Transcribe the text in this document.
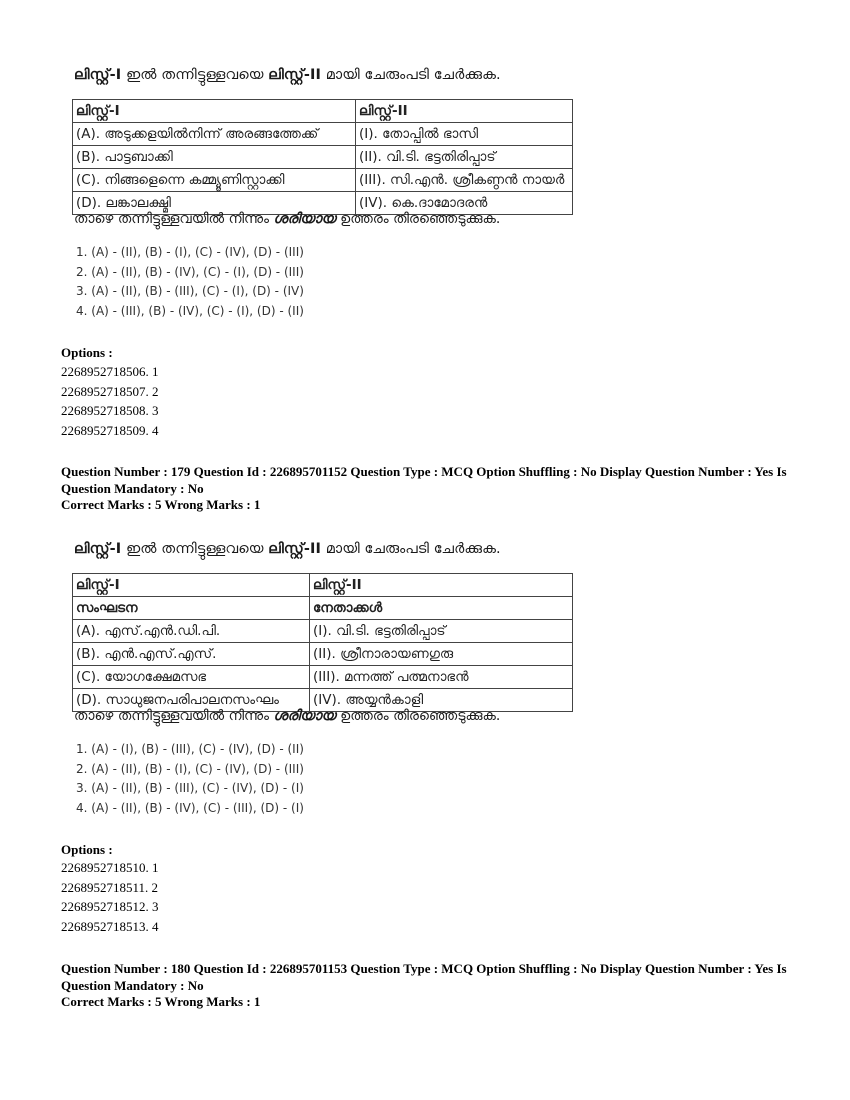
ലിസ്റ്റ്-I ഇൽ തന്നിട്ടുള്ളവയെ ലിസ്റ്റ്-II മായി ചേരുംപടി ചേർക്കുക.
ലിസ്റ്റ്-I	ലിസ്റ്റ്-II
(A). അടുക്കളയിൽനിന്ന് അരങ്ങത്തേക്ക്	(I). തോപ്പിൽ ഭാസി
(B). പാട്ടബാക്കി	(II). വി.ടി. ഭട്ടതിരിപ്പാട്
(C). നിങ്ങളെന്നെ കമ്മ്യൂണിസ്റ്റാക്കി	(III). സി.എൻ. ശ്രീകണ്ഠൻ നായർ
(D). ലങ്കാലക്ഷ്മി	(IV). കെ.ദാമോദരൻ
താഴെ തന്നിട്ടുള്ളവയിൽ നിന്നും ശരിയായ ഉത്തരം തിരഞ്ഞെടുക്കുക.
1. (A) - (II), (B) - (I), (C) - (IV), (D) - (III)
2. (A) - (II), (B) - (IV), (C) - (I), (D) - (III)
3. (A) - (II), (B) - (III), (C) - (I), (D) - (IV)
4. (A) - (III), (B) - (IV), (C) - (I), (D) - (II)
Options :
2268952718506. 1
2268952718507. 2
2268952718508. 3
2268952718509. 4
Question Number : 179 Question Id : 226895701152 Question Type : MCQ Option Shuffling : No Display Question Number : Yes Is Question Mandatory : No
Correct Marks : 5 Wrong Marks : 1
ലിസ്റ്റ്-I ഇൽ തന്നിട്ടുള്ളവയെ ലിസ്റ്റ്-II മായി ചേരുംപടി ചേർക്കുക.
ലിസ്റ്റ്-I	ലിസ്റ്റ്-II
സംഘടന	നേതാക്കൾ
(A). എസ്.എൻ.ഡി.പി.	(I). വി.ടി. ഭട്ടതിരിപ്പാട്
(B). എൻ.എസ്.എസ്.	(II). ശ്രീനാരായണഗുരു
(C). യോഗക്ഷേമസഭ	(III). മന്നത്ത് പത്മനാഭൻ
(D). സാധുജനപരിപാലനസംഘം	(IV). അയ്യൻകാളി
താഴെ തന്നിട്ടുള്ളവയിൽ നിന്നും ശരിയായ ഉത്തരം തിരഞ്ഞെടുക്കുക.
1. (A) - (I), (B) - (III), (C) - (IV), (D) - (II)
2. (A) - (II), (B) - (I), (C) - (IV), (D) - (III)
3. (A) - (II), (B) - (III), (C) - (IV), (D) - (I)
4. (A) - (II), (B) - (IV), (C) - (III), (D) - (I)
Options :
2268952718510. 1
2268952718511. 2
2268952718512. 3
2268952718513. 4
Question Number : 180 Question Id : 226895701153 Question Type : MCQ Option Shuffling : No Display Question Number : Yes Is Question Mandatory : No
Correct Marks : 5 Wrong Marks : 1
